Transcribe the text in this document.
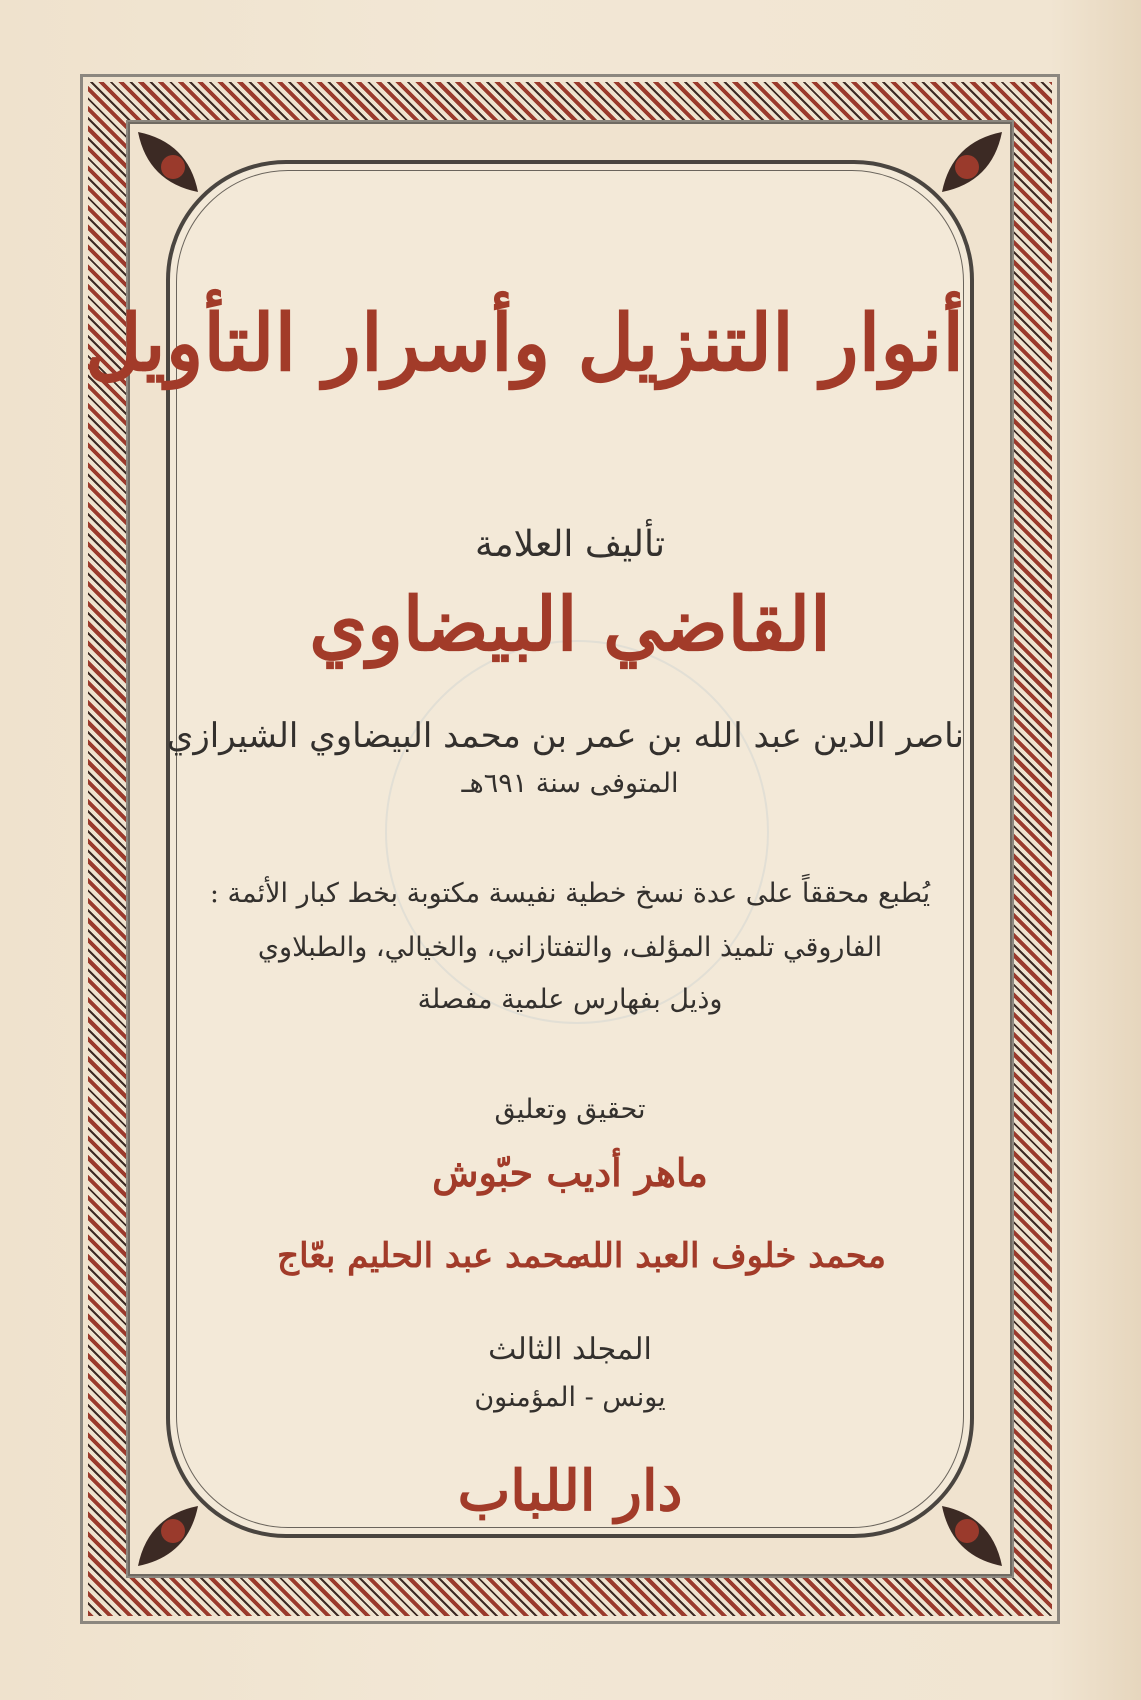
أنوار التنزيل وأسرار التأويل
تأليف العلامة
القاضي البيضاوي
ناصر الدين عبد الله بن عمر بن محمد البيضاوي الشيرازي
المتوفى سنة ٦٩١هـ
يُطبع محققاً على عدة نسخ خطية نفيسة مكتوبة بخط كبار الأئمة :
الفاروقي تلميذ المؤلف، والتفتازاني، والخيالي، والطبلاوي
وذيل بفهارس علمية مفصلة
تحقيق وتعليق
ماهر أديب حبّوش
محمد خلوف العبد الله
محمد عبد الحليم بعّاج
المجلد الثالث
يونس - المؤمنون
دار اللباب
